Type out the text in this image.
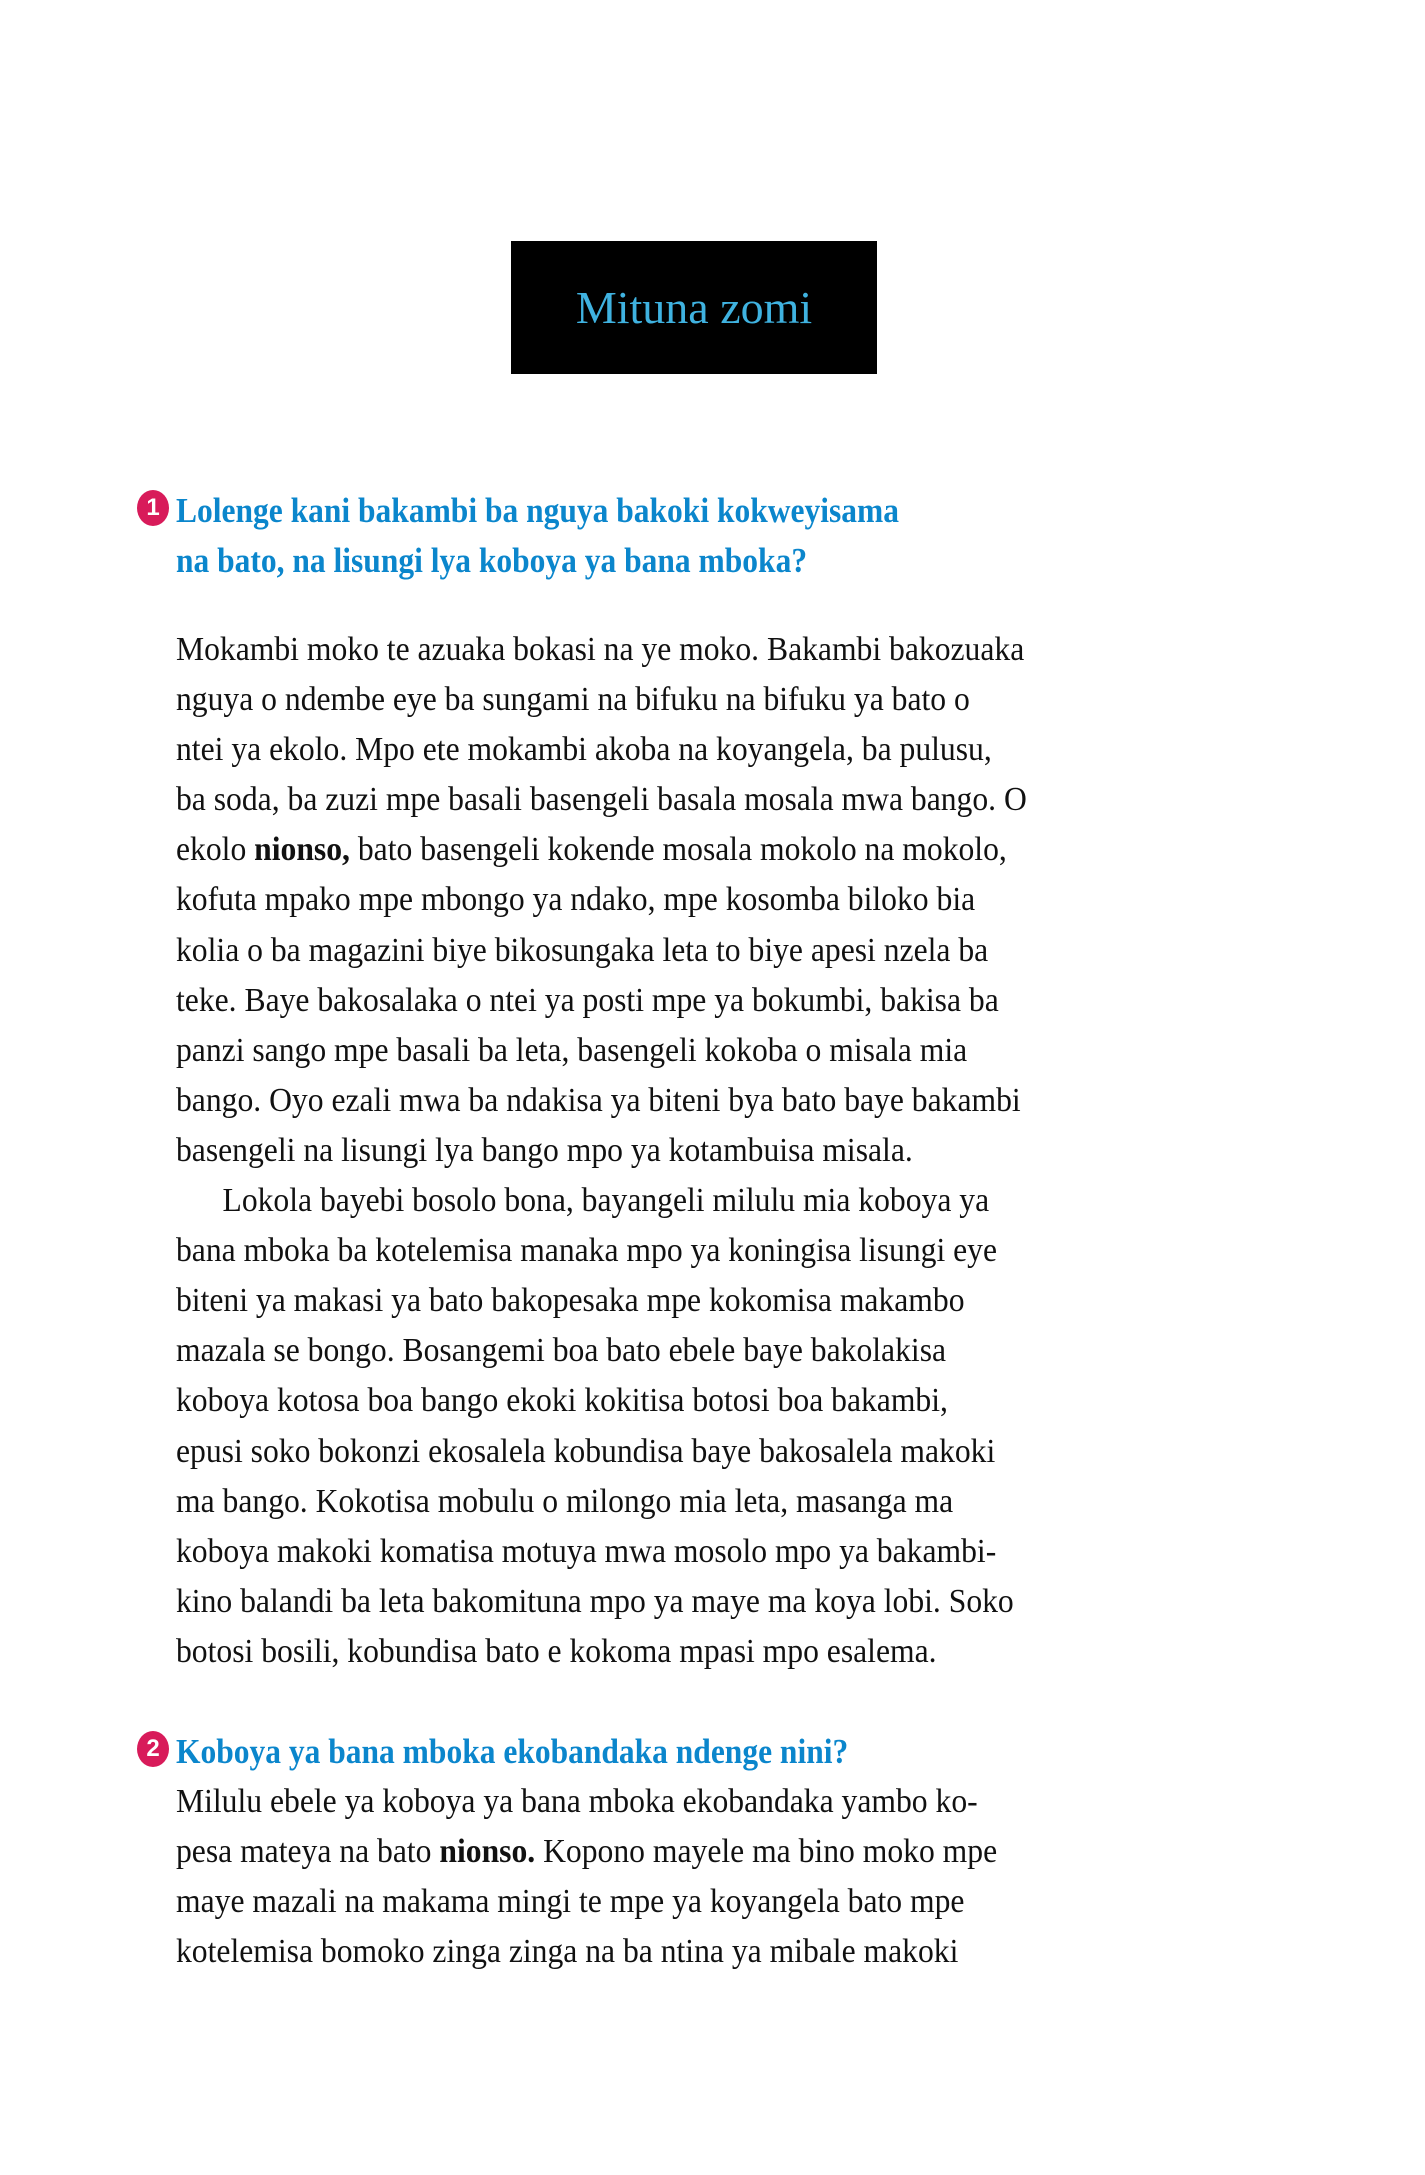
Mituna zomi
1 Lolenge kani bakambi ba nguya bakoki kokweyisama
na bato, na lisungi lya koboya ya bana mboka?
Mokambi moko te azuaka bokasi na ye moko. Bakambi bakozuaka
nguya o ndembe eye ba sungami na bifuku na bifuku ya bato o
ntei ya ekolo. Mpo ete mokambi akoba na koyangela, ba pulusu,
ba soda, ba zuzi mpe basali basengeli basala mosala mwa bango. O
ekolo nionso, bato basengeli kokende mosala mokolo na mokolo,
kofuta mpako mpe mbongo ya ndako, mpe kosomba biloko bia
kolia o ba magazini biye bikosungaka leta to biye apesi nzela ba
teke. Baye bakosalaka o ntei ya posti mpe ya bokumbi, bakisa ba
panzi sango mpe basali ba leta, basengeli kokoba o misala mia
bango. Oyo ezali mwa ba ndakisa ya biteni bya bato baye bakambi
basengeli na lisungi lya bango mpo ya kotambuisa misala.
Lokola bayebi bosolo bona, bayangeli milulu mia koboya ya
bana mboka ba kotelemisa manaka mpo ya koningisa lisungi eye
biteni ya makasi ya bato bakopesaka mpe kokomisa makambo
mazala se bongo. Bosangemi boa bato ebele baye bakolakisa
koboya kotosa boa bango ekoki kokitisa botosi boa bakambi,
epusi soko bokonzi ekosalela kobundisa baye bakosalela makoki
ma bango. Kokotisa mobulu o milongo mia leta, masanga ma
koboya makoki komatisa motuya mwa mosolo mpo ya bakambi-
kino balandi ba leta bakomituna mpo ya maye ma koya lobi. Soko
botosi bosili, kobundisa bato e kokoma mpasi mpo esalema.
2 Koboya ya bana mboka ekobandaka ndenge nini?
Milulu ebele ya koboya ya bana mboka ekobandaka yambo ko-
pesa mateya na bato nionso. Kopono mayele ma bino moko mpe
maye mazali na makama mingi te mpe ya koyangela bato mpe
kotelemisa bomoko zinga zinga na ba ntina ya mibale makoki
